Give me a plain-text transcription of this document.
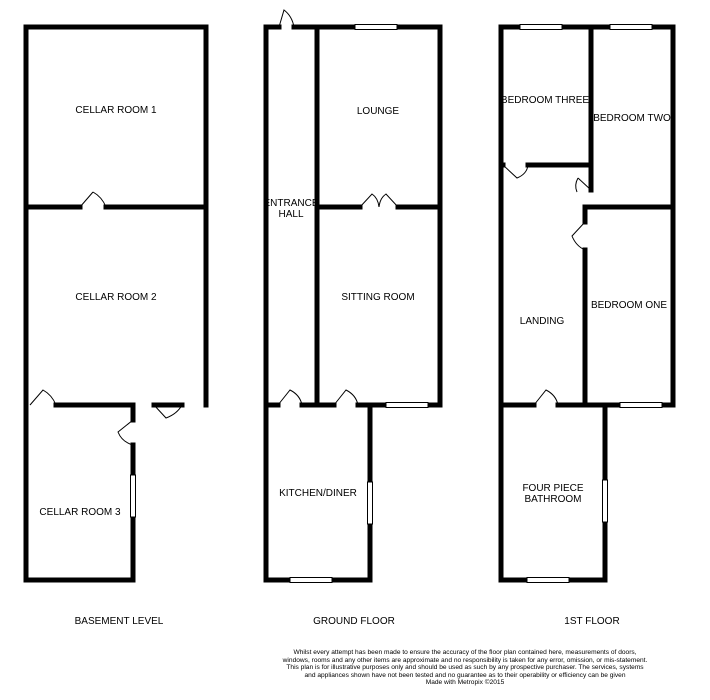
CELLAR ROOM 1
CELLAR ROOM 2
CELLAR ROOM 3
ENTRANCE
HALL
LOUNGE
SITTING ROOM
KITCHEN/DINER
BEDROOM THREE
BEDROOM TWO
LANDING
BEDROOM ONE
FOUR PIECE
BATHROOM
BASEMENT LEVEL	GROUND FLOOR	1ST FLOOR
Whilst every attempt has been made to ensure the accuracy of the floor plan contained here, measurements of doors, windows, rooms and any other items are approximate and no responsibility is taken for any error, omission, or mis-statement. This plan is for illustrative purposes only and should be used as such by any prospective purchaser. The services, systems and appliances shown have not been tested and no guarantee as to their operability or efficiency can be given
Made with Metropix ©2015
